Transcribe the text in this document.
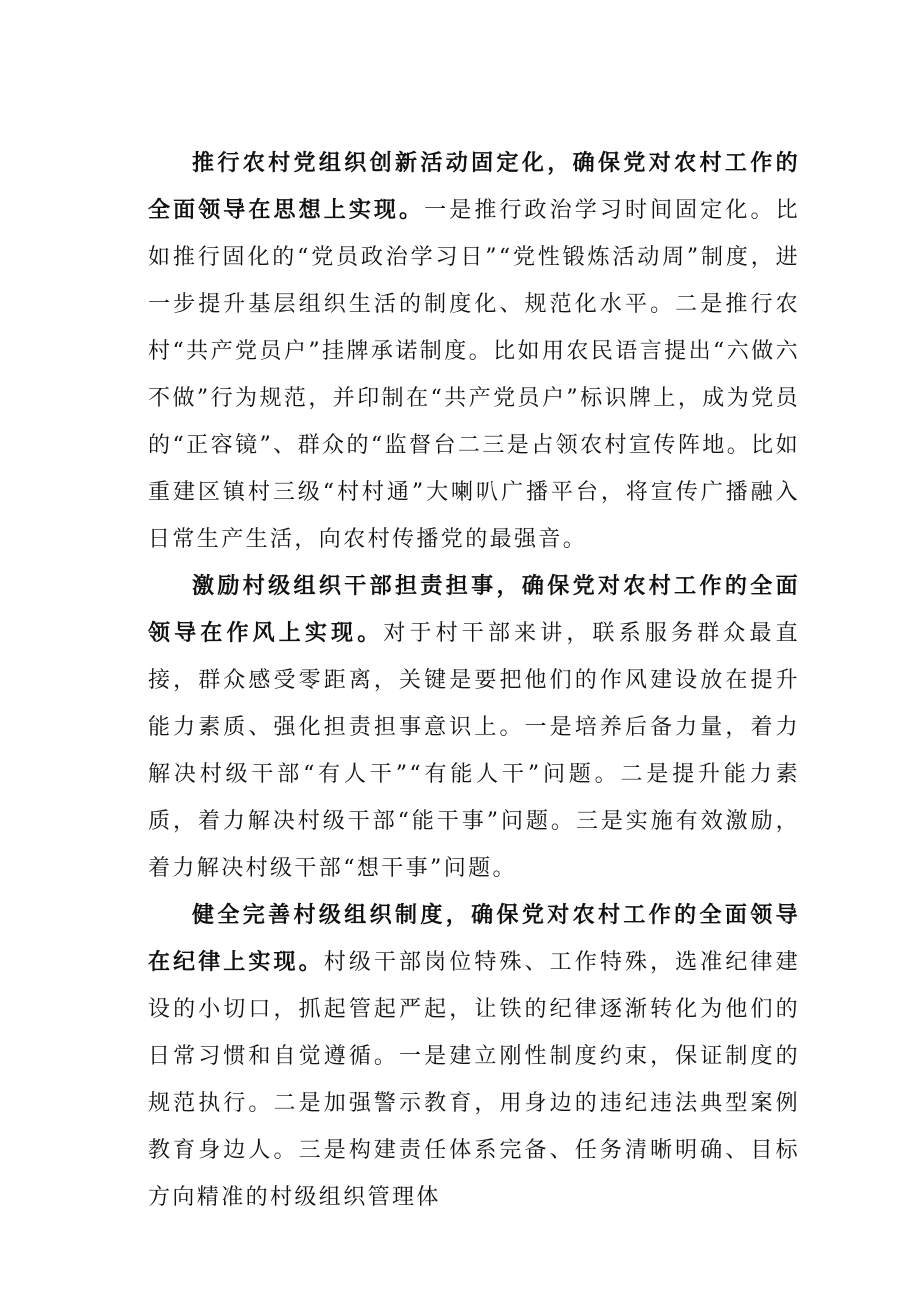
推行农村党组织创新活动固定化，确保党对农村工作的全面领导在思想上实现。一是推行政治学习时间固定化。比如推行固化的“党员政治学习日”“党性锻炼活动周”制度，进一步提升基层组织生活的制度化、规范化水平。二是推行农村“共产党员户”挂牌承诺制度。比如用农民语言提出“六做六不做”行为规范，并印制在“共产党员户”标识牌上，成为党员的“正容镜”、群众的“监督台二三是占领农村宣传阵地。比如重建区镇村三级“村村通”大喇叭广播平台，将宣传广播融入日常生产生活，向农村传播党的最强音。

激励村级组织干部担责担事，确保党对农村工作的全面领导在作风上实现。对于村干部来讲，联系服务群众最直接，群众感受零距离，关键是要把他们的作风建设放在提升能力素质、强化担责担事意识上。一是培养后备力量，着力解决村级干部“有人干”“有能人干”问题。二是提升能力素质，着力解决村级干部“能干事”问题。三是实施有效激励，着力解决村级干部“想干事”问题。

健全完善村级组织制度，确保党对农村工作的全面领导在纪律上实现。村级干部岗位特殊、工作特殊，选准纪律建设的小切口，抓起管起严起，让铁的纪律逐渐转化为他们的日常习惯和自觉遵循。一是建立刚性制度约束，保证制度的规范执行。二是加强警示教育，用身边的违纪违法典型案例教育身边人。三是构建责任体系完备、任务清晰明确、目标方向精准的村级组织管理体
